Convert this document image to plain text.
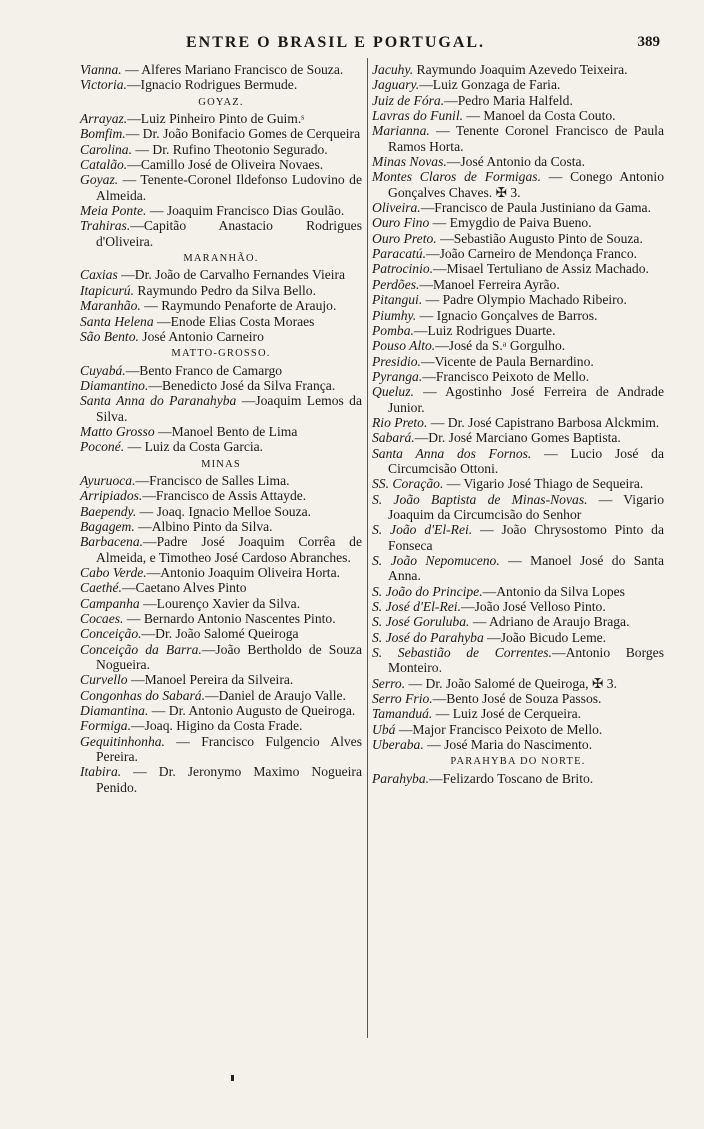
ENTRE O BRASIL E PORTUGAL.	389
Vianna. — Alferes Mariano Francisco de Souza.
Victoria.—Ignacio Rodrigues Bermude.
GOYAZ.
Arrayaz.—Luiz Pinheiro Pinto de Guim.ˢ
Bomfim.— Dr. João Bonifacio Gomes de Cerqueira
Carolina. — Dr. Rufino Theotonio Segurado.
Catalão.—Camillo José de Oliveira Novaes.
Goyaz. — Tenente-Coronel Ildefonso Ludovino de Almeida.
Meia Ponte. — Joaquim Francisco Dias Goulão.
Trahiras.—Capitão Anastacio Rodrigues d'Oliveira.
MARANHÃO.
Caxias —Dr. João de Carvalho Fernandes Vieira
Itapicurú. Raymundo Pedro da Silva Bello.
Maranhão. — Raymundo Penaforte de Araujo.
Santa Helena —Enode Elias Costa Moraes
São Bento. José Antonio Carneiro
MATTO-GROSSO.
Cuyabá.—Bento Franco de Camargo
Diamantino.—Benedicto José da Silva França.
Santa Anna do Paranahyba —Joaquim Lemos da Silva.
Matto Grosso —Manoel Bento de Lima
Poconé. — Luiz da Costa Garcia.
MINAS
Ayuruoca.—Francisco de Salles Lima.
Arripiados.—Francisco de Assis Attayde.
Baependy. — Joaq. Ignacio Melloe Souza.
Bagagem. —Albino Pinto da Silva.
Barbacena.—Padre José Joaquim Corrêa de Almeida, e Timotheo José Cardoso Abranches.
Cabo Verde.—Antonio Joaquim Oliveira Horta.
Caethé.—Caetano Alves Pinto
Campanha —Lourenço Xavier da Silva.
Cocaes. — Bernardo Antonio Nascentes Pinto.
Conceição.—Dr. João Salomé Queiroga
Conceição da Barra.—João Bertholdo de Souza Nogueira.
Curvello —Manoel Pereira da Silveira.
Congonhas do Sabará.—Daniel de Araujo Valle.
Diamantina. — Dr. Antonio Augusto de Queiroga.
Formiga.—Joaq. Higino da Costa Frade.
Gequitinhonha. — Francisco Fulgencio Alves Pereira.
Itabira. — Dr. Jeronymo Maximo Nogueira Penido.
Jacuhy. Raymundo Joaquim Azevedo Teixeira.
Jaguary.—Luiz Gonzaga de Faria.
Juiz de Fóra.—Pedro Maria Halfeld.
Lavras do Funil. — Manoel da Costa Couto.
Marianna. — Tenente Coronel Francisco de Paula Ramos Horta.
Minas Novas.—José Antonio da Costa.
Montes Claros de Formigas. — Conego Antonio Gonçalves Chaves. ✠ 3.
Oliveira.—Francisco de Paula Justiniano da Gama.
Ouro Fino — Emygdio de Paiva Bueno.
Ouro Preto. —Sebastião Augusto Pinto de Souza.
Paracatú.—João Carneiro de Mendonça Franco.
Patrocinio.—Misael Tertuliano de Assiz Machado.
Perdões.—Manoel Ferreira Ayrão.
Pitangui. — Padre Olympio Machado Ribeiro.
Piumhy. — Ignacio Gonçalves de Barros.
Pomba.—Luiz Rodrigues Duarte.
Pouso Alto.—José da S.ᵃ Gorgulho.
Presidio.—Vicente de Paula Bernardino.
Pyranga.—Francisco Peixoto de Mello.
Queluz. — Agostinho José Ferreira de Andrade Junior.
Rio Preto. — Dr. José Capistrano Barbosa Alckmim.
Sabará.—Dr. José Marciano Gomes Baptista.
Santa Anna dos Fornos. — Lucio José da Circumcisão Ottoni.
SS. Coração. — Vigario José Thiago de Sequeira.
S. João Baptista de Minas-Novas. — Vigario Joaquim da Circumcisão do Senhor
S. João d'El-Rei. — João Chrysostomo Pinto da Fonseca
S. João Nepomuceno. — Manoel José do Santa Anna.
S. João do Principe.—Antonio da Silva Lopes
S. José d'El-Rei.—João José Velloso Pinto.
S. José Goruluba. — Adriano de Araujo Braga.
S. José do Parahyba —João Bicudo Leme.
S. Sebastião de Correntes.—Antonio Borges Monteiro.
Serro. — Dr. João Salomé de Queiroga, ✠ 3.
Serro Frio.—Bento José de Souza Passos.
Tamanduá. — Luiz José de Cerqueira.
Ubá —Major Francisco Peixoto de Mello.
Uberaba. — José Maria do Nascimento.
PARAHYBA DO NORTE.
Parahyba.—Felizardo Toscano de Brito.
